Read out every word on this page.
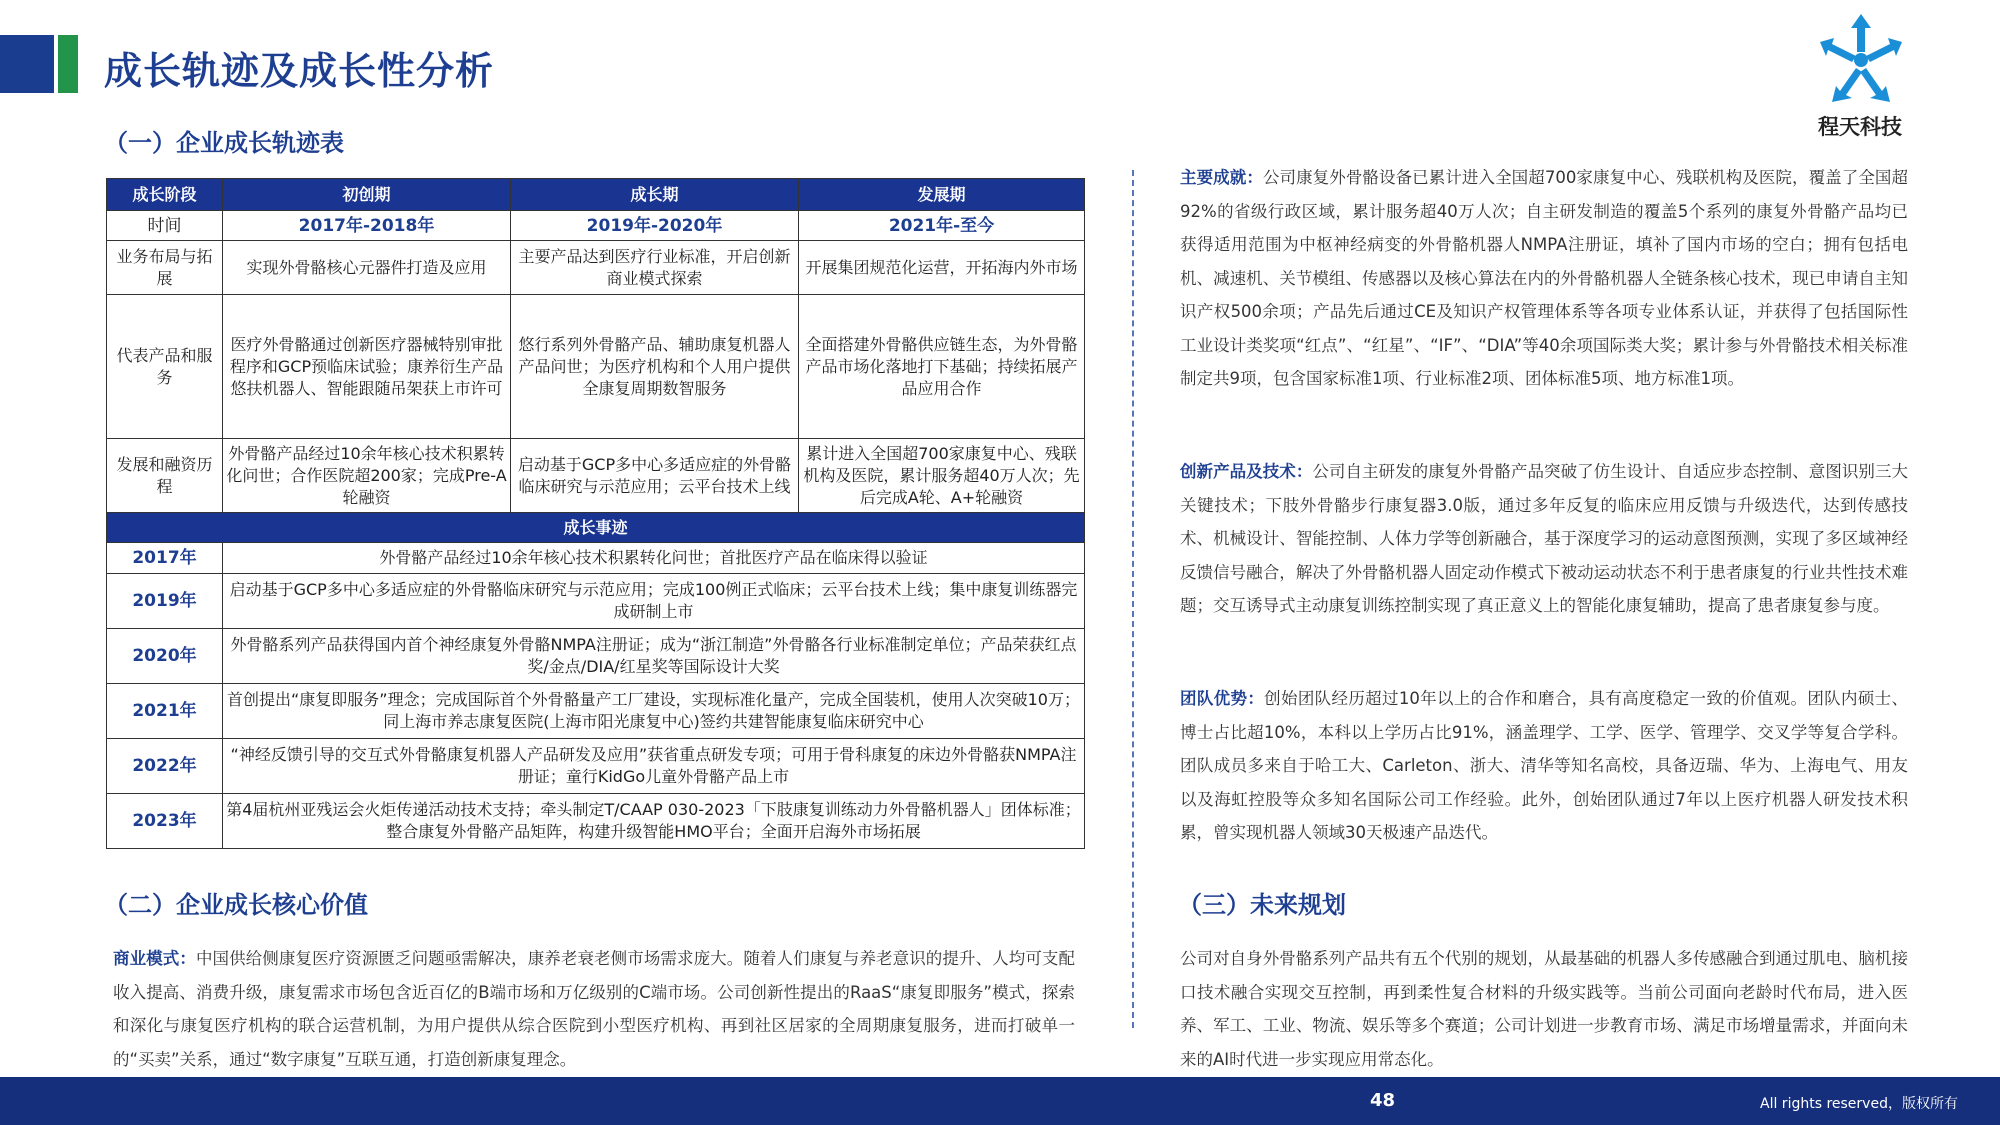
成长轨迹及成长性分析
程天科技
（一）企业成长轨迹表
成长阶段	初创期	成长期	发展期
时间	2017年-2018年	2019年-2020年	2021年-至今
业务布局与拓展	实现外骨骼核心元器件打造及应用	主要产品达到医疗行业标准，开启创新商业模式探索	开展集团规范化运营，开拓海内外市场
代表产品和服务	医疗外骨骼通过创新医疗器械特别审批程序和GCP预临床试验；康养衍生产品悠扶机器人、智能跟随吊架获上市许可	悠行系列外骨骼产品、辅助康复机器人产品问世；为医疗机构和个人用户提供全康复周期数智服务	全面搭建外骨骼供应链生态，为外骨骼产品市场化落地打下基础；持续拓展产品应用合作
发展和融资历程	外骨骼产品经过10余年核心技术积累转化问世；合作医院超200家；完成Pre-A轮融资	启动基于GCP多中心多适应症的外骨骼临床研究与示范应用；云平台技术上线	累计进入全国超700家康复中心、残联机构及医院，累计服务超40万人次；先后完成A轮、A+轮融资
成长事迹			
2017年	外骨骼产品经过10余年核心技术积累转化问世；首批医疗产品在临床得以验证		
2019年	启动基于GCP多中心多适应症的外骨骼临床研究与示范应用；完成100例正式临床；云平台技术上线；集中康复训练器完成研制上市		
2020年	外骨骼系列产品获得国内首个神经康复外骨骼NMPA注册证；成为“浙江制造”外骨骼各行业标准制定单位；产品荣获红点奖/金点/DIA/红星奖等国际设计大奖		
2021年	首创提出“康复即服务”理念；完成国际首个外骨骼量产工厂建设，实现标准化量产，完成全国装机，使用人次突破10万；同上海市养志康复医院(上海市阳光康复中心)签约共建智能康复临床研究中心		
2022年	“神经反馈引导的交互式外骨骼康复机器人产品研发及应用”获省重点研发专项；可用于骨科康复的床边外骨骼获NMPA注册证；童行KidGo儿童外骨骼产品上市		
2023年	第4届杭州亚残运会火炬传递活动技术支持；牵头制定T/CAAP 030-2023「下肢康复训练动力外骨骼机器人」团体标准；整合康复外骨骼产品矩阵，构建升级智能HMO平台；全面开启海外市场拓展		
（二）企业成长核心价值
商业模式：中国供给侧康复医疗资源匮乏问题亟需解决，康养老衰老侧市场需求庞大。随着人们康复与养老意识的提升、人均可支配收入提高、消费升级，康复需求市场包含近百亿的B端市场和万亿级别的C端市场。公司创新性提出的RaaS“康复即服务”模式，探索和深化与康复医疗机构的联合运营机制，为用户提供从综合医院到小型医疗机构、再到社区居家的全周期康复服务，进而打破单一的“买卖”关系，通过“数字康复”互联互通，打造创新康复理念。
主要成就：公司康复外骨骼设备已累计进入全国超700家康复中心、残联机构及医院，覆盖了全国超92%的省级行政区域，累计服务超40万人次；自主研发制造的覆盖5个系列的康复外骨骼产品均已获得适用范围为中枢神经病变的外骨骼机器人NMPA注册证，填补了国内市场的空白；拥有包括电机、减速机、关节模组、传感器以及核心算法在内的外骨骼机器人全链条核心技术，现已申请自主知识产权500余项；产品先后通过CE及知识产权管理体系等各项专业体系认证，并获得了包括国际性工业设计类奖项“红点”、“红星”、“IF”、“DIA”等40余项国际类大奖；累计参与外骨骼技术相关标准制定共9项，包含国家标准1项、行业标准2项、团体标准5项、地方标准1项。
创新产品及技术：公司自主研发的康复外骨骼产品突破了仿生设计、自适应步态控制、意图识别三大关键技术；下肢外骨骼步行康复器3.0版，通过多年反复的临床应用反馈与升级迭代，达到传感技术、机械设计、智能控制、人体力学等创新融合，基于深度学习的运动意图预测，实现了多区域神经反馈信号融合，解决了外骨骼机器人固定动作模式下被动运动状态不利于患者康复的行业共性技术难题；交互诱导式主动康复训练控制实现了真正意义上的智能化康复辅助，提高了患者康复参与度。
团队优势：创始团队经历超过10年以上的合作和磨合，具有高度稳定一致的价值观。团队内硕士、博士占比超10%，本科以上学历占比91%，涵盖理学、工学、医学、管理学、交叉学等复合学科。团队成员多来自于哈工大、Carleton、浙大、清华等知名高校，具备迈瑞、华为、上海电气、用友以及海虹控股等众多知名国际公司工作经验。此外，创始团队通过7年以上医疗机器人研发技术积累，曾实现机器人领域30天极速产品迭代。
（三）未来规划
公司对自身外骨骼系列产品共有五个代别的规划，从最基础的机器人多传感融合到通过肌电、脑机接口技术融合实现交互控制，再到柔性复合材料的升级实践等。当前公司面向老龄时代布局，进入医养、军工、工业、物流、娱乐等多个赛道；公司计划进一步教育市场、满足市场增量需求，并面向未来的AI时代进一步实现应用常态化。
48	All rights reserved，版权所有
